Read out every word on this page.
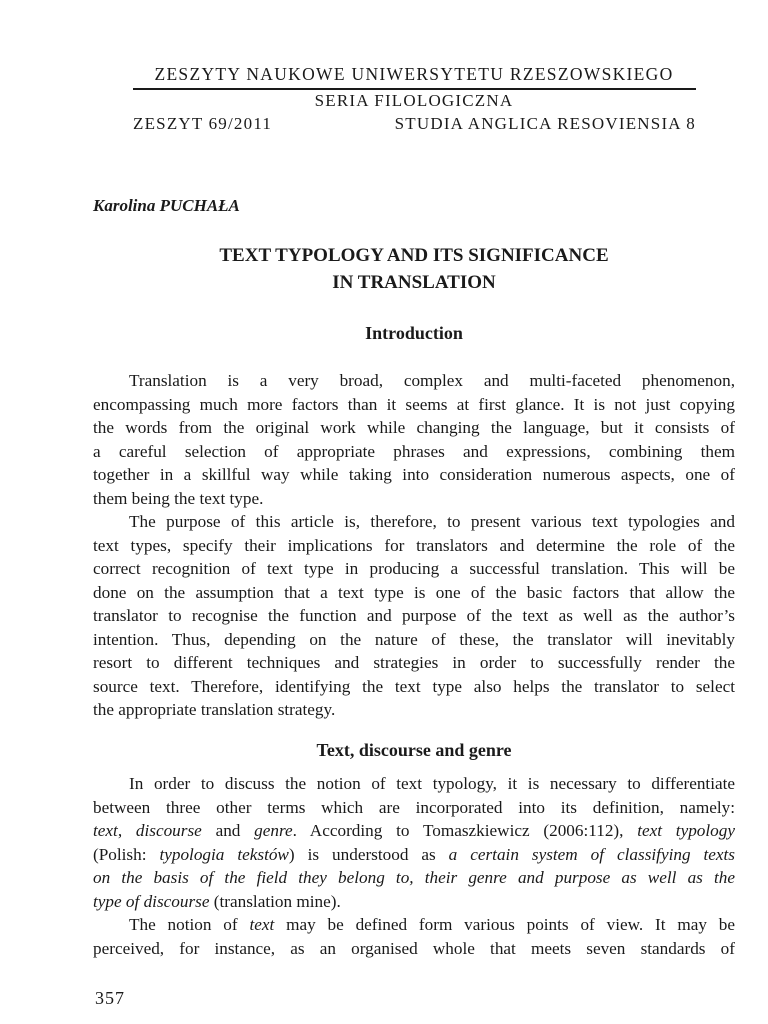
ZESZYTY NAUKOWE UNIWERSYTETU RZESZOWSKIEGO
SERIA FILOLOGICZNA
ZESZYT 69/2011	STUDIA ANGLICA RESOVIENSIA 8
Karolina PUCHAŁA
TEXT TYPOLOGY AND ITS SIGNIFICANCE
IN TRANSLATION
Introduction
Translation is a very broad, complex and multi-faceted phenomenon,
encompassing much more factors than it seems at first glance. It is not just copying
the words from the original work while changing the language, but it consists of
a careful selection of appropriate phrases and expressions, combining them
together in a skillful way while taking into consideration numerous aspects, one of
them being the text type.
The purpose of this article is, therefore, to present various text typologies and
text types, specify their implications for translators and determine the role of the
correct recognition of text type in producing a successful translation. This will be
done on the assumption that a text type is one of the basic factors that allow the
translator to recognise the function and purpose of the text as well as the author’s
intention. Thus, depending on the nature of these, the translator will inevitably
resort to different techniques and strategies in order to successfully render the
source text. Therefore, identifying the text type also helps the translator to select
the appropriate translation strategy.
Text, discourse and genre
In order to discuss the notion of text typology, it is necessary to differentiate
between three other terms which are incorporated into its definition, namely:
text, discourse and genre. According to Tomaszkiewicz (2006:112), text typology
(Polish: typologia tekstów) is understood as a certain system of classifying texts
on the basis of the field they belong to, their genre and purpose as well as the
type of discourse (translation mine).
The notion of text may be defined form various points of view. It may be
perceived, for instance, as an organised whole that meets seven standards of
357
